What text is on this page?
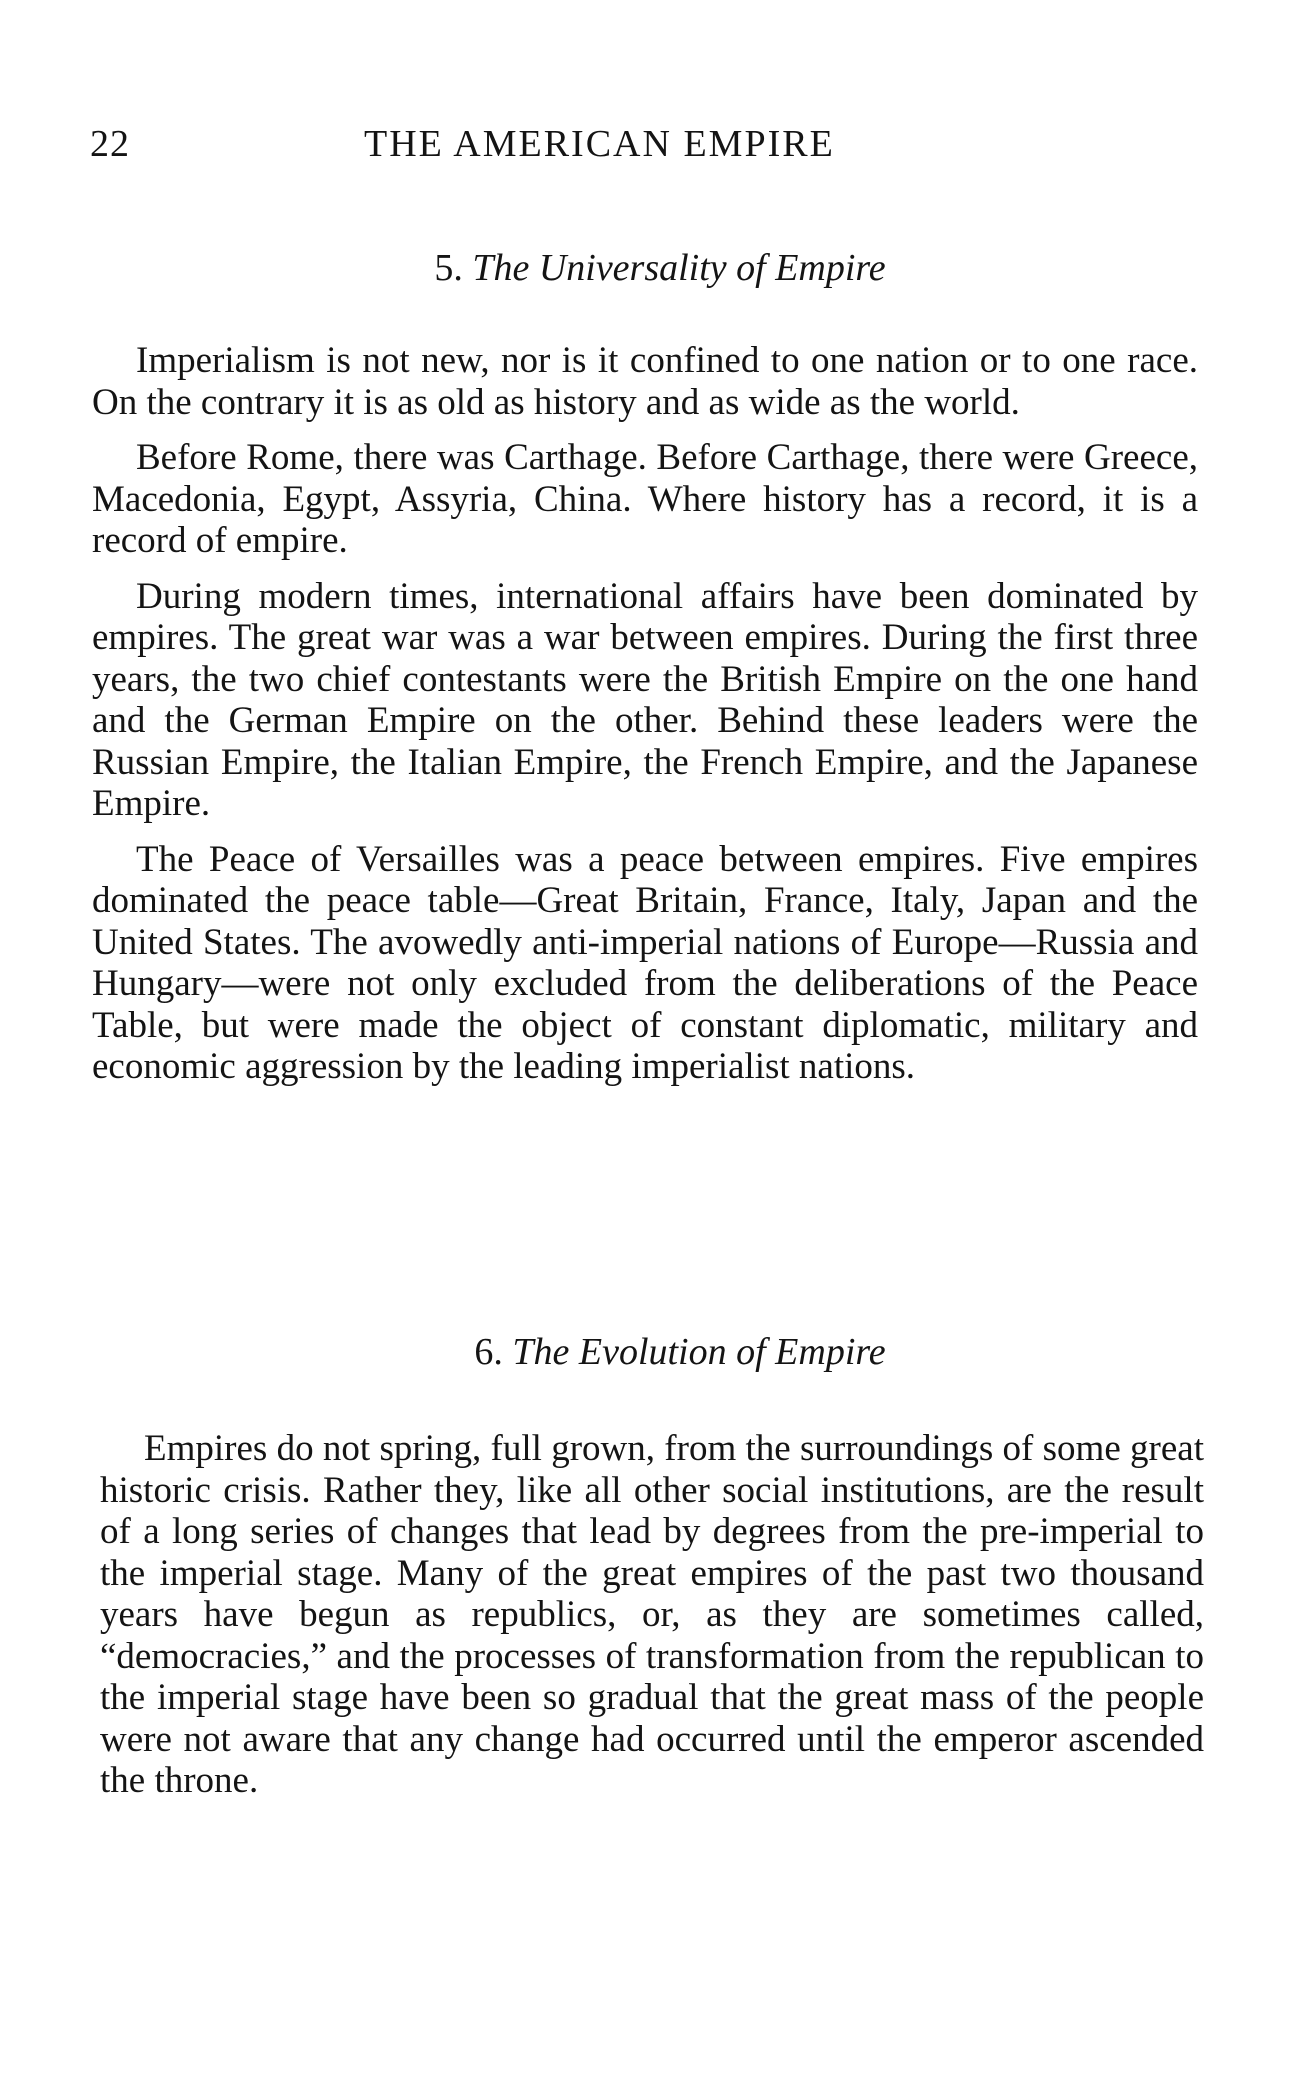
22	THE AMERICAN EMPIRE
5. The Universality of Empire

Imperialism is not new, nor is it confined to one nation or to one race. On the contrary it is as old as history and as wide as the world.

Before Rome, there was Carthage. Before Carthage, there were Greece, Macedonia, Egypt, Assyria, China. Where history has a record, it is a record of empire.

During modern times, international affairs have been dominated by empires. The great war was a war between empires. During the first three years, the two chief contestants were the British Empire on the one hand and the German Empire on the other. Behind these leaders were the Russian Empire, the Italian Empire, the French Empire, and the Japanese Empire.

The Peace of Versailles was a peace between empires. Five empires dominated the peace table—Great Britain, France, Italy, Japan and the United States. The avowedly anti-imperial nations of Europe—Russia and Hungary—were not only excluded from the deliberations of the Peace Table, but were made the object of constant diplomatic, military and economic aggression by the leading imperialist nations.

6. The Evolution of Empire

Empires do not spring, full grown, from the surroundings of some great historic crisis. Rather they, like all other social institutions, are the result of a long series of changes that lead by degrees from the pre-imperial to the imperial stage. Many of the great empires of the past two thousand years have begun as republics, or, as they are sometimes called, “democracies,” and the processes of transformation from the republican to the imperial stage have been so gradual that the great mass of the people were not aware that any change had occurred until the emperor ascended the throne.
